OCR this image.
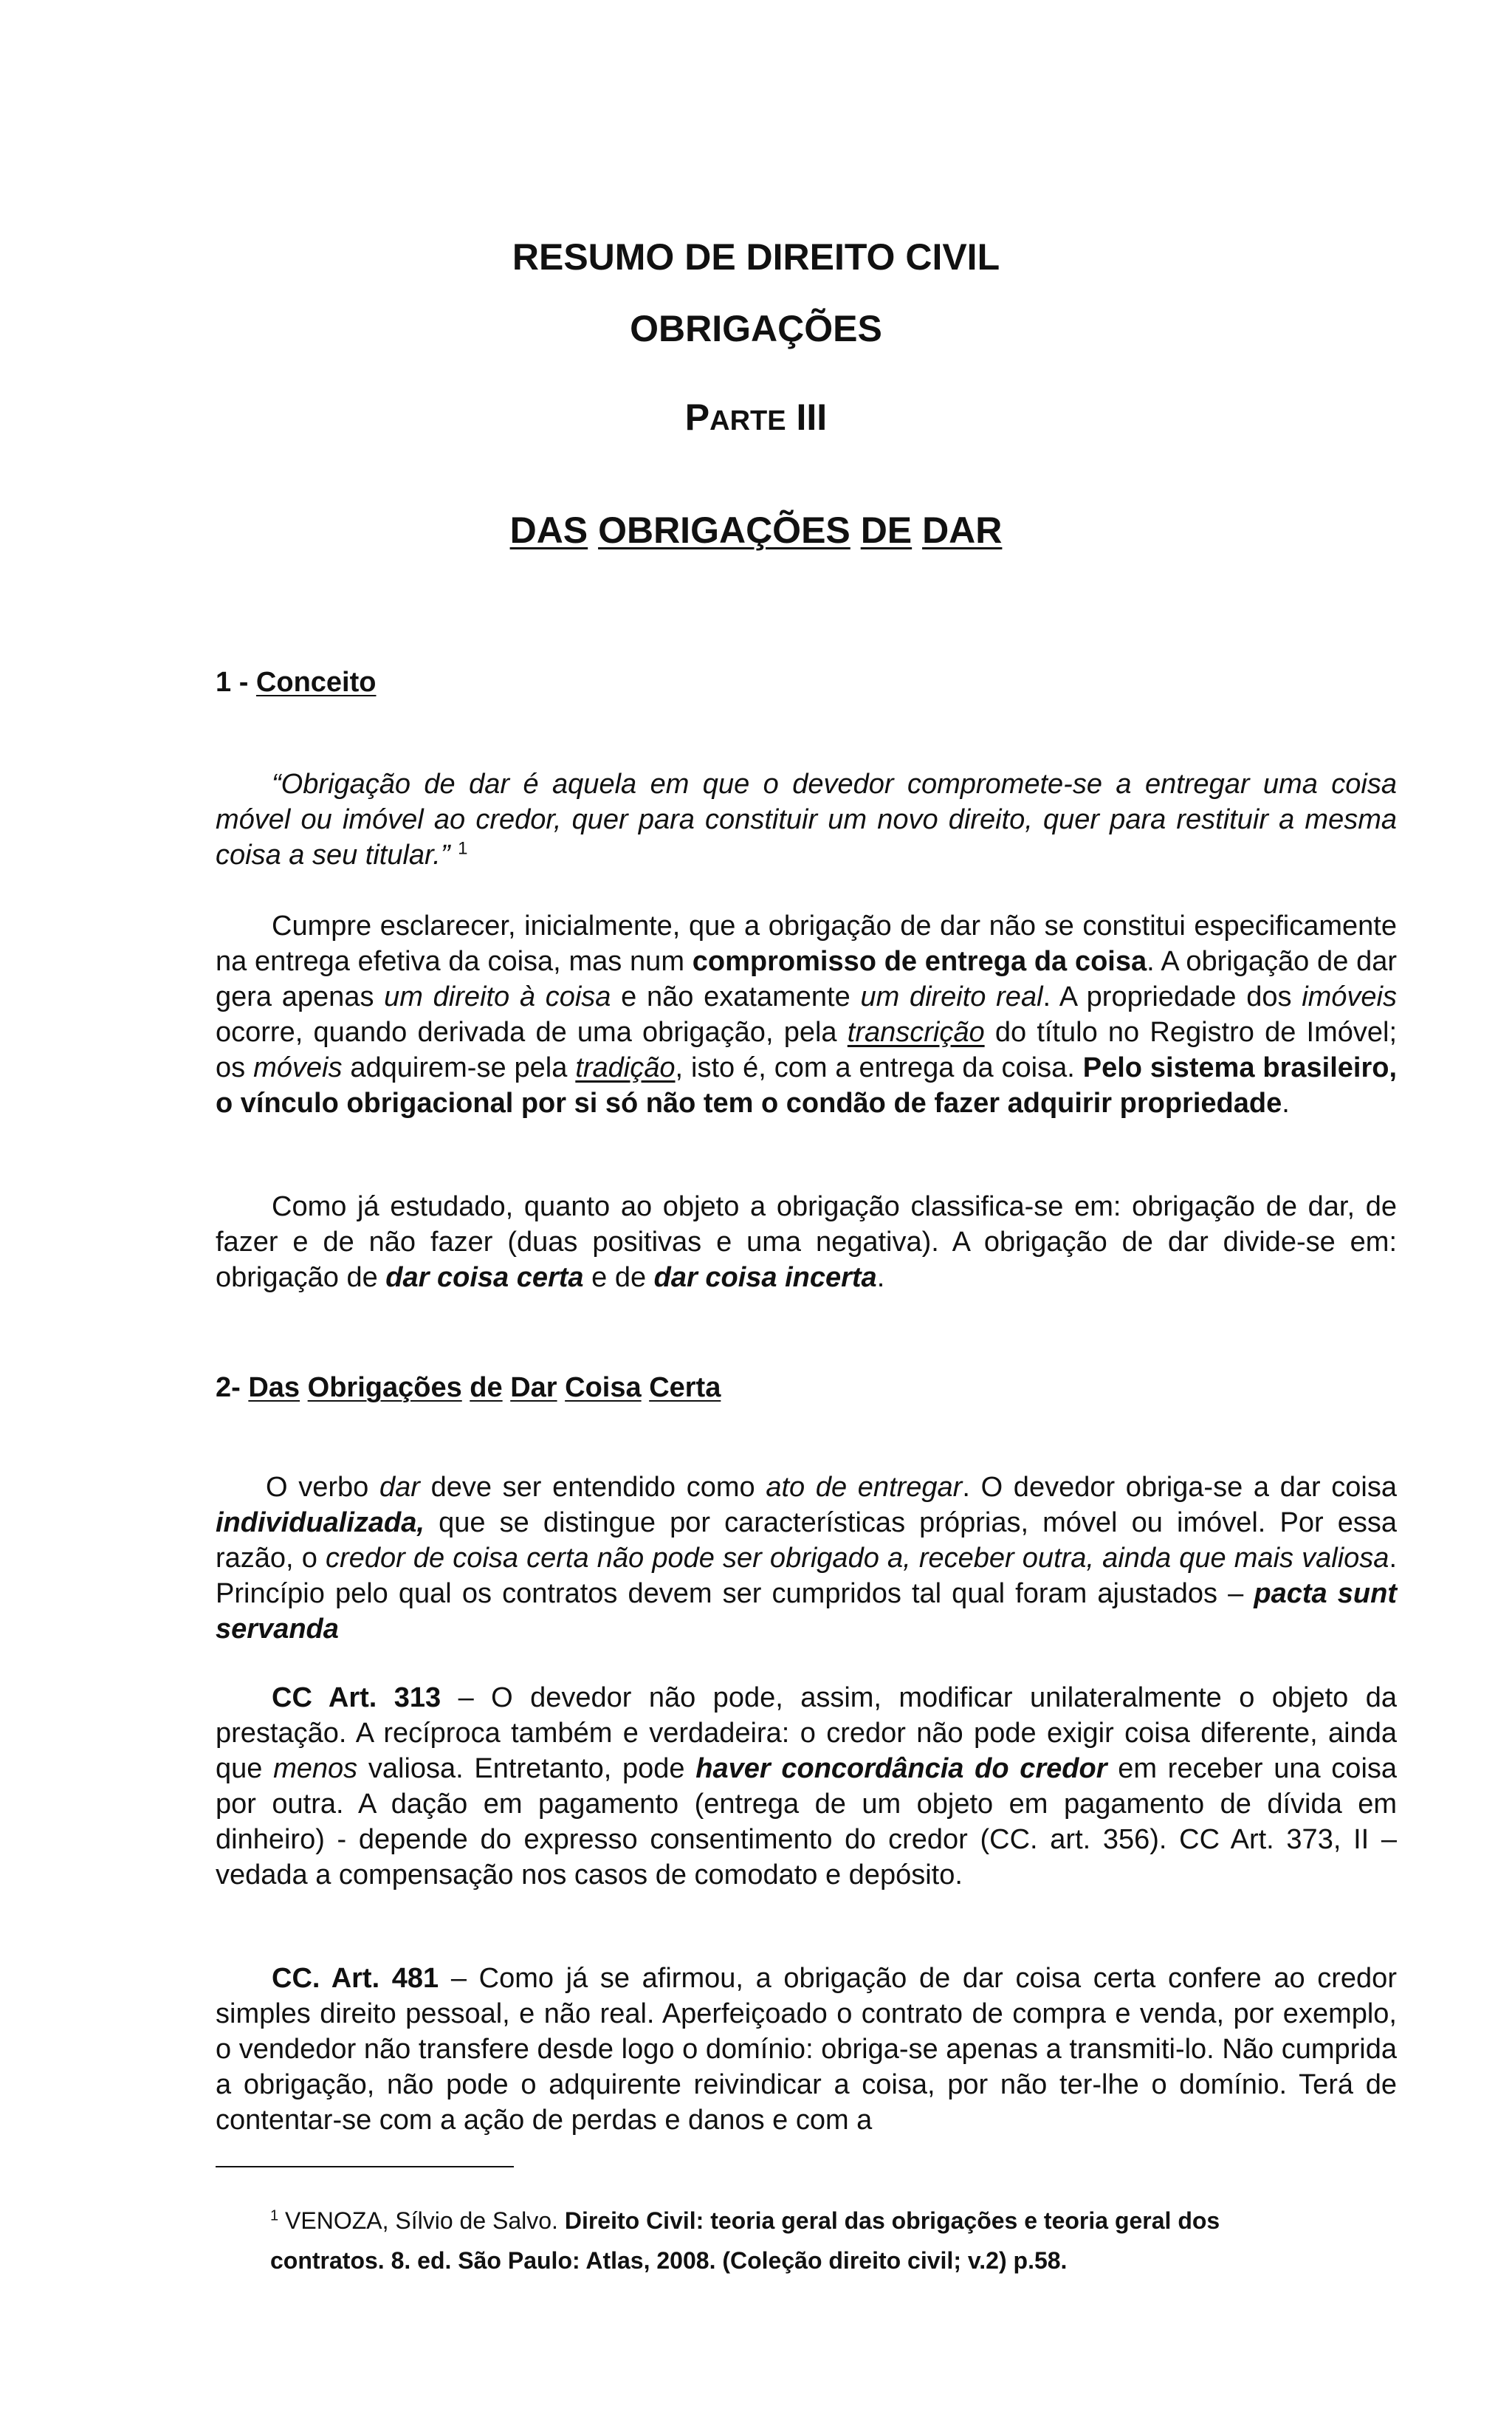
RESUMO DE DIREITO CIVIL
OBRIGAÇÕES
PARTE III
DAS OBRIGAÇÕES DE DAR
1 - Conceito

“Obrigação de dar é aquela em que o devedor compromete-se a entregar uma coisa móvel ou imóvel ao credor, quer para constituir um novo direito, quer para restituir a mesma coisa a seu titular.” $^1$

Cumpre esclarecer, inicialmente, que a obrigação de dar não se constitui especificamente na entrega efetiva da coisa, mas num compromisso de entrega da coisa. A obrigação de dar gera apenas um direito à coisa e não exatamente um direito real. A propriedade dos imóveis ocorre, quando derivada de uma obrigação, pela transcrição do título no Registro de Imóvel; os móveis adquirem-se pela tradição, isto é, com a entrega da coisa. Pelo sistema brasileiro, o vínculo obrigacional por si só não tem o condão de fazer adquirir propriedade.

Como já estudado, quanto ao objeto a obrigação classifica-se em: obrigação de dar, de fazer e de não fazer (duas positivas e uma negativa). A obrigação de dar divide-se em: obrigação de dar coisa certa e de dar coisa incerta.

2- Das Obrigações de Dar Coisa Certa

O verbo dar deve ser entendido como ato de entregar. O devedor obriga-se a dar coisa individualizada, que se distingue por características próprias, móvel ou imóvel. Por essa razão, o credor de coisa certa não pode ser obrigado a, receber outra, ainda que mais valiosa. Princípio pelo qual os contratos devem ser cumpridos tal qual foram ajustados – pacta sunt servanda

CC Art. 313 – O devedor não pode, assim, modificar unilateralmente o objeto da prestação. A recíproca também e verdadeira: o credor não pode exigir coisa diferente, ainda que menos valiosa. Entretanto, pode haver concordância do credor em receber una coisa por outra. A dação em pagamento (entrega de um objeto em pagamento de dívida em dinheiro) - depende do expresso consentimento do credor (CC. art. 356). CC Art. 373, II – vedada a compensação nos casos de comodato e depósito.

CC. Art. 481 – Como já se afirmou, a obrigação de dar coisa certa confere ao credor simples direito pessoal, e não real. Aperfeiçoado o contrato de compra e venda, por exemplo, o vendedor não transfere desde logo o domínio: obriga-se apenas a transmiti-lo. Não cumprida a obrigação, não pode o adquirente reivindicar a coisa, por não ter-lhe o domínio. Terá de contentar-se com a ação de perdas e danos e com a

$^1$ VENOZA, Sílvio de Salvo. Direito Civil: teoria geral das obrigações e teoria geral dos contratos. 8. ed. São Paulo: Atlas, 2008. (Coleção direito civil; v.2) p.58.
